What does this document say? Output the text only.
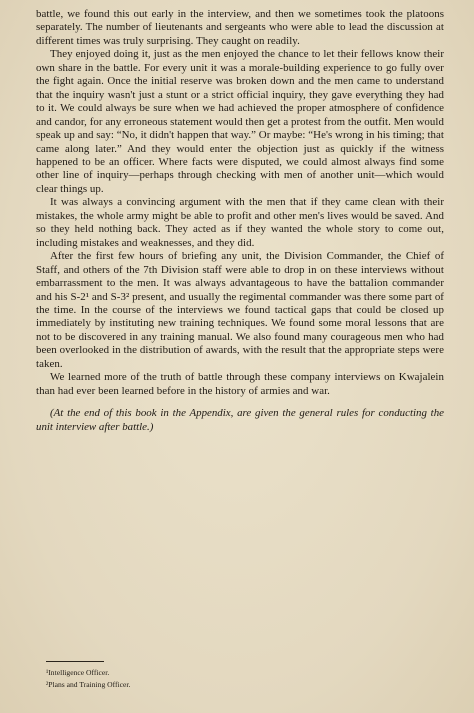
battle, we found this out early in the interview, and then we sometimes took the platoons separately. The number of lieutenants and sergeants who were able to lead the discussion at different times was truly surprising. They caught on readily.

They enjoyed doing it, just as the men enjoyed the chance to let their fellows know their own share in the battle. For every unit it was a morale-building experience to go fully over the fight again. Once the initial reserve was broken down and the men came to understand that the inquiry wasn't just a stunt or a strict official inquiry, they gave everything they had to it. We could always be sure when we had achieved the proper atmosphere of confidence and candor, for any erroneous statement would then get a protest from the outfit. Men would speak up and say: “No, it didn't happen that way.” Or maybe: “He's wrong in his timing; that came along later.” And they would enter the objection just as quickly if the witness happened to be an officer. Where facts were disputed, we could almost always find some other line of inquiry—perhaps through checking with men of another unit—which would clear things up.

It was always a convincing argument with the men that if they came clean with their mistakes, the whole army might be able to profit and other men's lives would be saved. And so they held nothing back. They acted as if they wanted the whole story to come out, including mistakes and weaknesses, and they did.

After the first few hours of briefing any unit, the Division Commander, the Chief of Staff, and others of the 7th Division staff were able to drop in on these interviews without embarrassment to the men. It was always advantageous to have the battalion commander and his S-2¹ and S-3² present, and usually the regimental commander was there some part of the time. In the course of the interviews we found tactical gaps that could be closed up immediately by instituting new training techniques. We found some moral lessons that are not to be discovered in any training manual. We also found many courageous men who had been overlooked in the distribution of awards, with the result that the appropriate steps were taken.

We learned more of the truth of battle through these company interviews on Kwajalein than had ever been learned before in the history of armies and war.

(At the end of this book in the Appendix, are given the general rules for conducting the unit interview after battle.)

¹Intelligence Officer.

²Plans and Training Officer.
